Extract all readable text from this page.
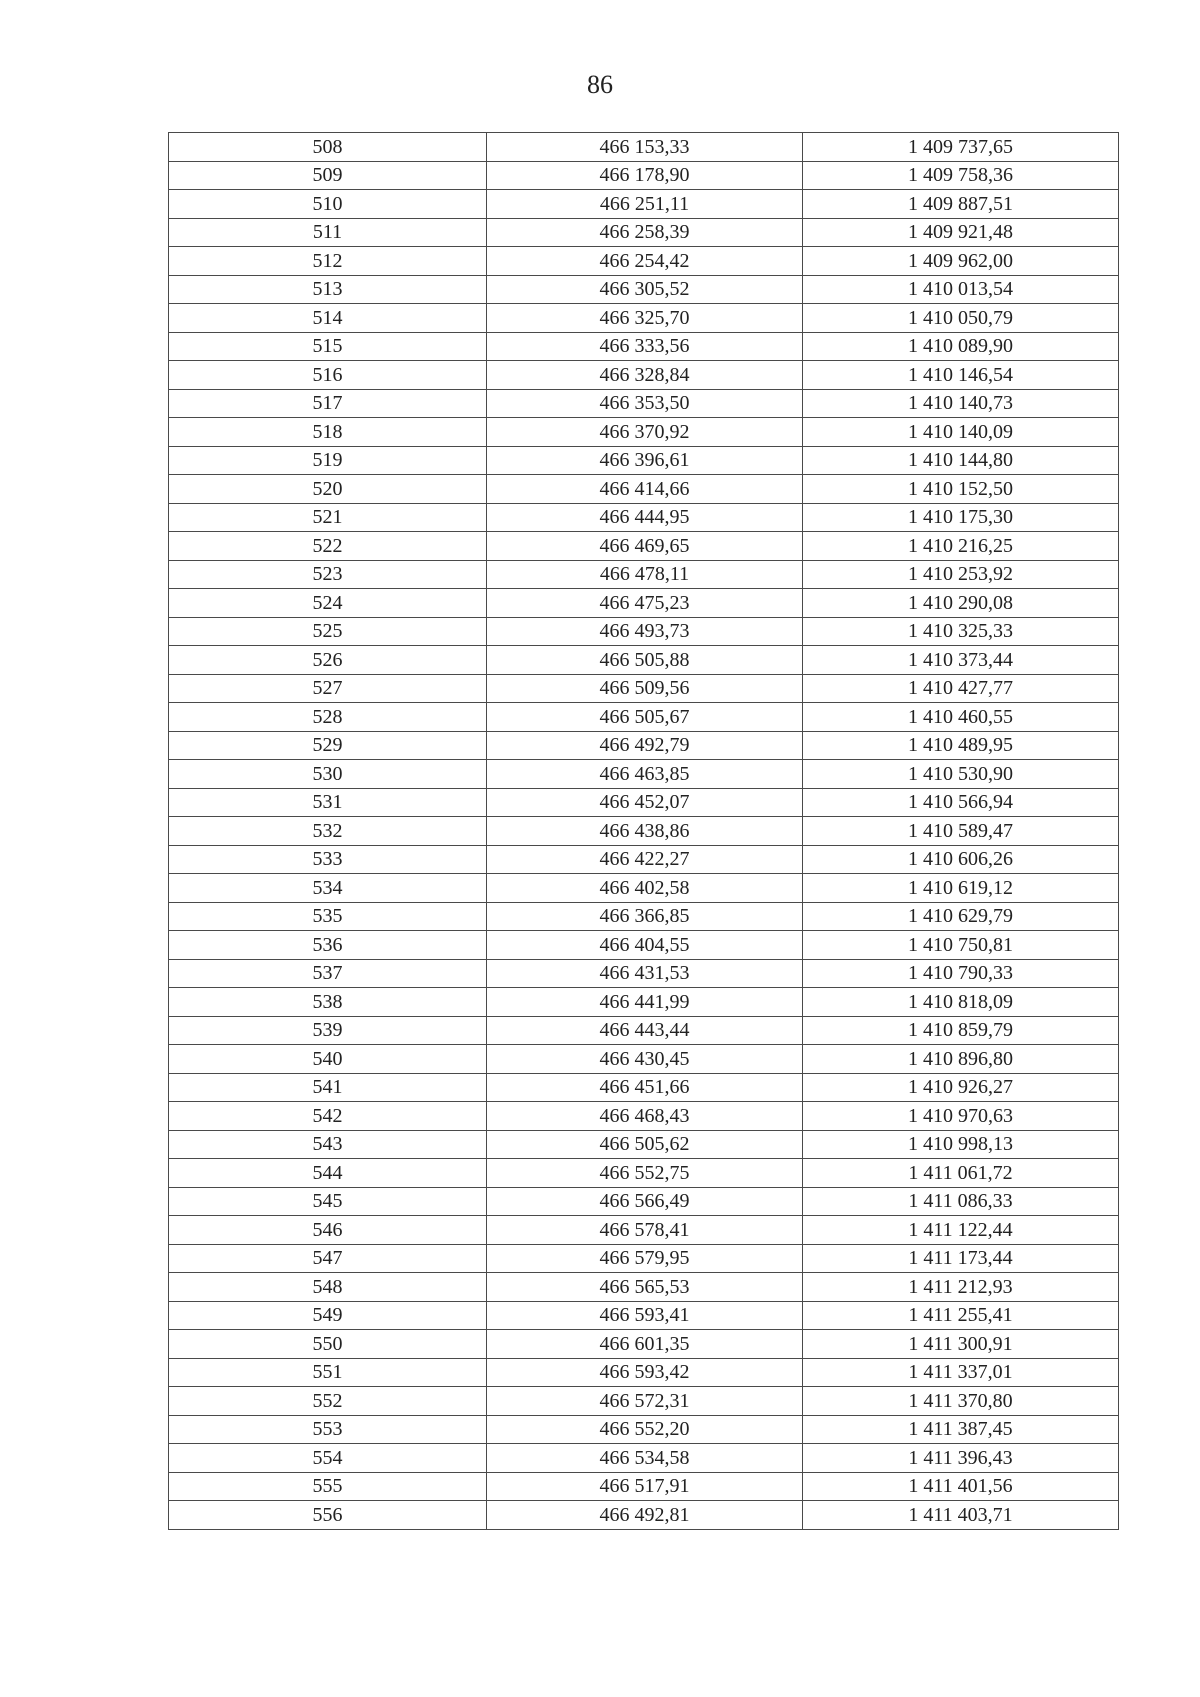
86
508	466 153,33	1 409 737,65
509	466 178,90	1 409 758,36
510	466 251,11	1 409 887,51
511	466 258,39	1 409 921,48
512	466 254,42	1 409 962,00
513	466 305,52	1 410 013,54
514	466 325,70	1 410 050,79
515	466 333,56	1 410 089,90
516	466 328,84	1 410 146,54
517	466 353,50	1 410 140,73
518	466 370,92	1 410 140,09
519	466 396,61	1 410 144,80
520	466 414,66	1 410 152,50
521	466 444,95	1 410 175,30
522	466 469,65	1 410 216,25
523	466 478,11	1 410 253,92
524	466 475,23	1 410 290,08
525	466 493,73	1 410 325,33
526	466 505,88	1 410 373,44
527	466 509,56	1 410 427,77
528	466 505,67	1 410 460,55
529	466 492,79	1 410 489,95
530	466 463,85	1 410 530,90
531	466 452,07	1 410 566,94
532	466 438,86	1 410 589,47
533	466 422,27	1 410 606,26
534	466 402,58	1 410 619,12
535	466 366,85	1 410 629,79
536	466 404,55	1 410 750,81
537	466 431,53	1 410 790,33
538	466 441,99	1 410 818,09
539	466 443,44	1 410 859,79
540	466 430,45	1 410 896,80
541	466 451,66	1 410 926,27
542	466 468,43	1 410 970,63
543	466 505,62	1 410 998,13
544	466 552,75	1 411 061,72
545	466 566,49	1 411 086,33
546	466 578,41	1 411 122,44
547	466 579,95	1 411 173,44
548	466 565,53	1 411 212,93
549	466 593,41	1 411 255,41
550	466 601,35	1 411 300,91
551	466 593,42	1 411 337,01
552	466 572,31	1 411 370,80
553	466 552,20	1 411 387,45
554	466 534,58	1 411 396,43
555	466 517,91	1 411 401,56
556	466 492,81	1 411 403,71
